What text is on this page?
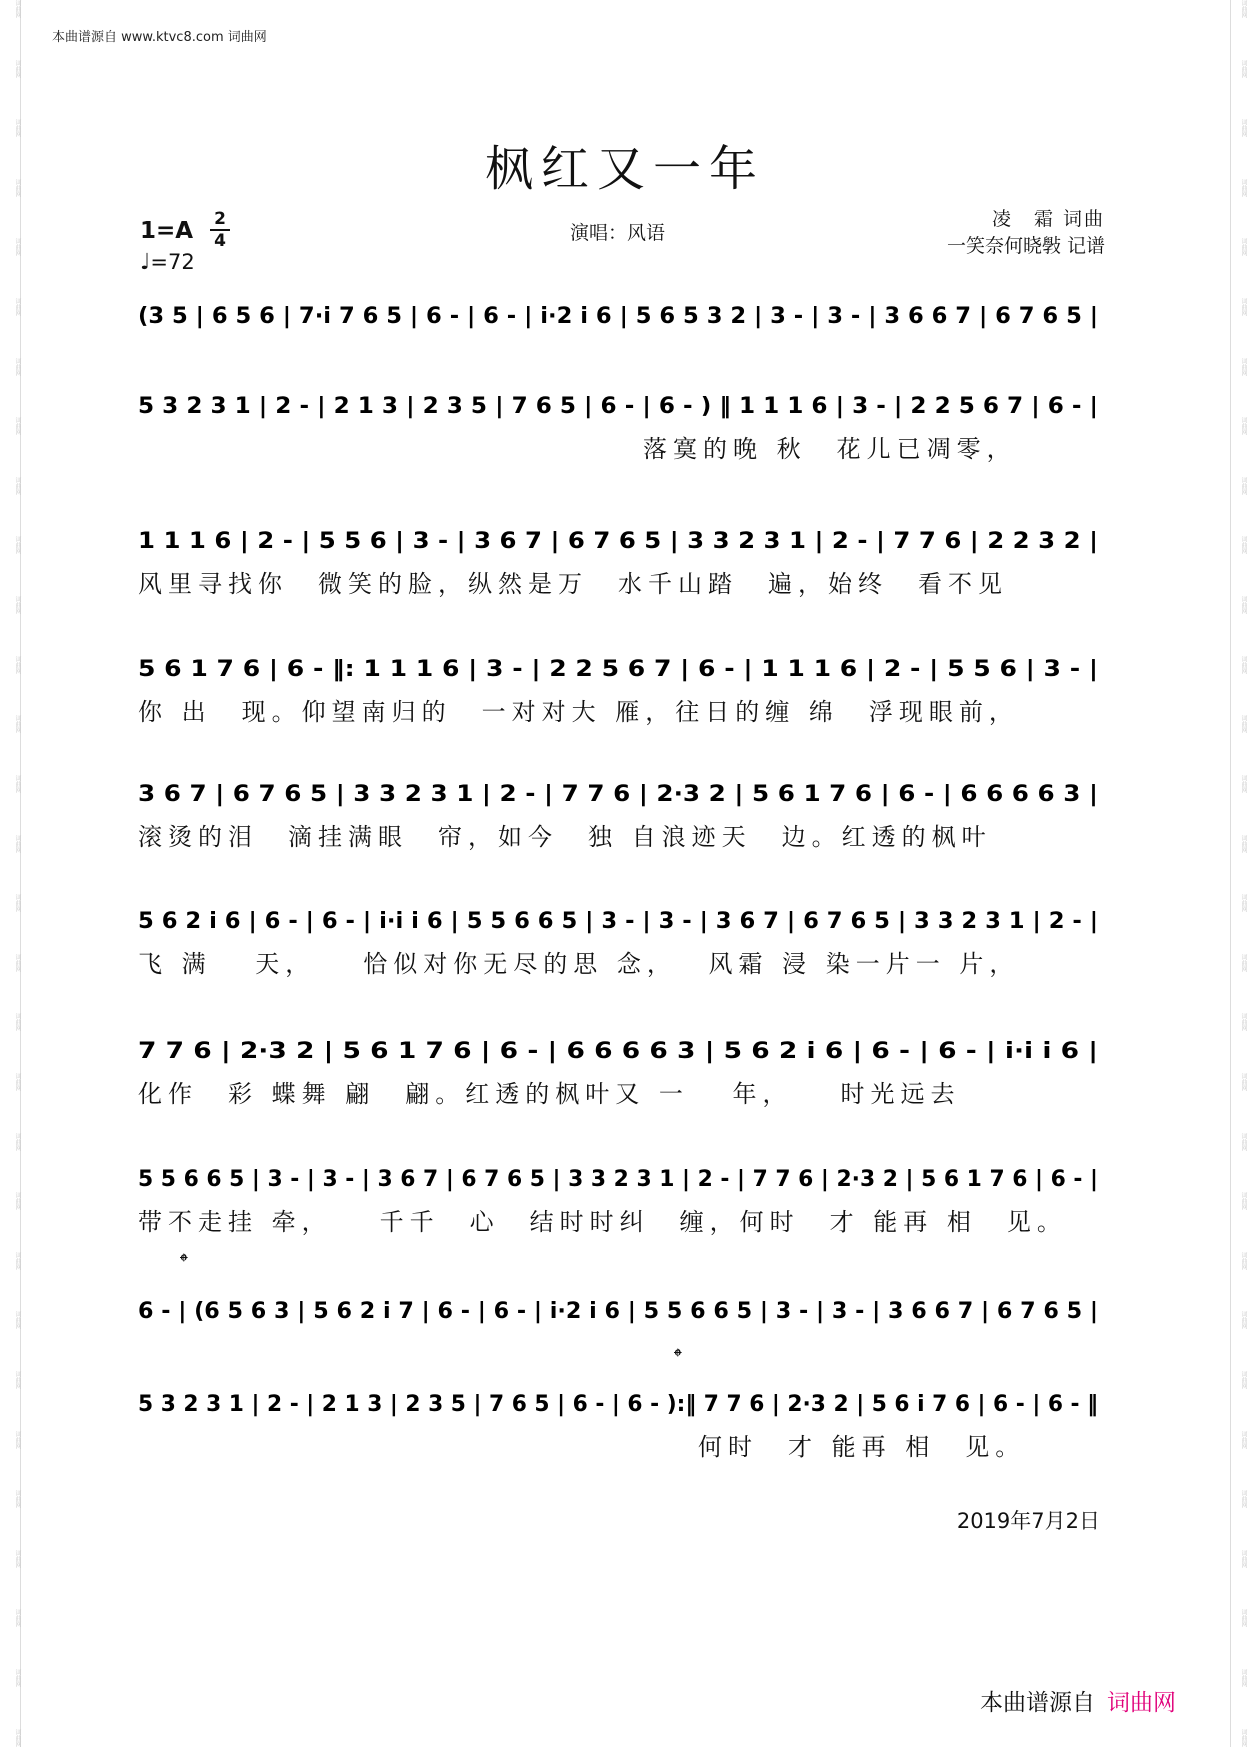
词曲网
词曲网
词曲网
词曲网
词曲网
词曲网
词曲网
词曲网
词曲网
词曲网
词曲网
词曲网
词曲网
词曲网
词曲网
词曲网
词曲网
词曲网
词曲网
词曲网
词曲网
词曲网
词曲网
词曲网
词曲网
词曲网
词曲网
词曲网
词曲网
词曲网
词曲网
词曲网
词曲网
词曲网
词曲网
词曲网
词曲网
词曲网
词曲网
词曲网
词曲网
词曲网
词曲网
词曲网
词曲网
词曲网
词曲网
词曲网
词曲网
词曲网
词曲网
词曲网
词曲网
词曲网
词曲网
词曲网
词曲网
词曲网
词曲网
词曲网
本曲谱源自 www.ktvc8.com 词曲网
枫红又一年
1=A 2
4
♩=72
演唱：风语
凌　霜 词曲
一笑奈何晓斅 记谱
(3 5 | 6 5 6 | 7·i 7 6 5 | 6 - | 6 - | i·2 i 6 | 5 6 5 3 2 | 3 - | 3 - | 3 6 6 7 | 6 7 6 5 |
5 3 2 3 1 | 2 - | 2 1 3 | 2 3 5 | 7 6 5 | 6 - | 6 - ) ‖ 1 1 1 6 | 3 - | 2 2 5 6 7 | 6 - |
落寞的晚 秋　花儿已凋零，
1 1 1 6 | 2 - | 5 5 6 | 3 - | 3 6 7 | 6 7 6 5 | 3 3 2 3 1 | 2 - | 7 7 6 | 2 2 3 2 |
风里寻找你　微笑的脸，纵然是万　水千山踏　遍，始终　看不见
5 6 1 7 6 | 6 - ‖: 1 1 1 6 | 3 - | 2 2 5 6 7 | 6 - | 1 1 1 6 | 2 - | 5 5 6 | 3 - |
你 出　现。仰望南归的　一对对大 雁，往日的缠 绵　浮现眼前，
3 6 7 | 6 7 6 5 | 3 3 2 3 1 | 2 - | 7 7 6 | 2·3 2 | 5 6 1 7 6 | 6 - | 6 6 6 6 3 |
滚烫的泪　滴挂满眼　帘，如今　独 自浪迹天　边。红透的枫叶
5 6 2 i 6 | 6 - | 6 - | i·i i 6 | 5 5 6 6 5 | 3 - | 3 - | 3 6 7 | 6 7 6 5 | 3 3 2 3 1 | 2 - |
飞 满　 天，　　恰似对你无尽的思 念，　 风霜 浸 染一片一 片，
7 7 6 | 2·3 2 | 5 6 1 7 6 | 6 - | 6 6 6 6 3 | 5 6 2 i 6 | 6 - | 6 - | i·i i 6 |
化作　彩 蝶舞 翩　翩。红透的枫叶又 一　 年，　　时光远去
5 5 6 6 5 | 3 - | 3 - | 3 6 7 | 6 7 6 5 | 3 3 2 3 1 | 2 - | 7 7 6 | 2·3 2 | 5 6 1 7 6 | 6 - |
带不走挂 牵，　　千千　心　结时时纠　缠，何时　才 能再 相　见。
6 - | (6 5 6 3 | 5 6 2 i 7 | 6 - | 6 - | i·2 i 6 | 5 5 6 6 5 | 3 - | 3 - | 3 6 6 7 | 6 7 6 5 |
5 3 2 3 1 | 2 - | 2 1 3 | 2 3 5 | 7 6 5 | 6 - | 6 - ):‖ 7 7 6 | 2·3 2 | 5 6 i 7 6 | 6 - | 6 - ‖
何时　才 能再 相　见。
𝄌
𝄌
2019年7月2日
本曲谱源自 词曲网
